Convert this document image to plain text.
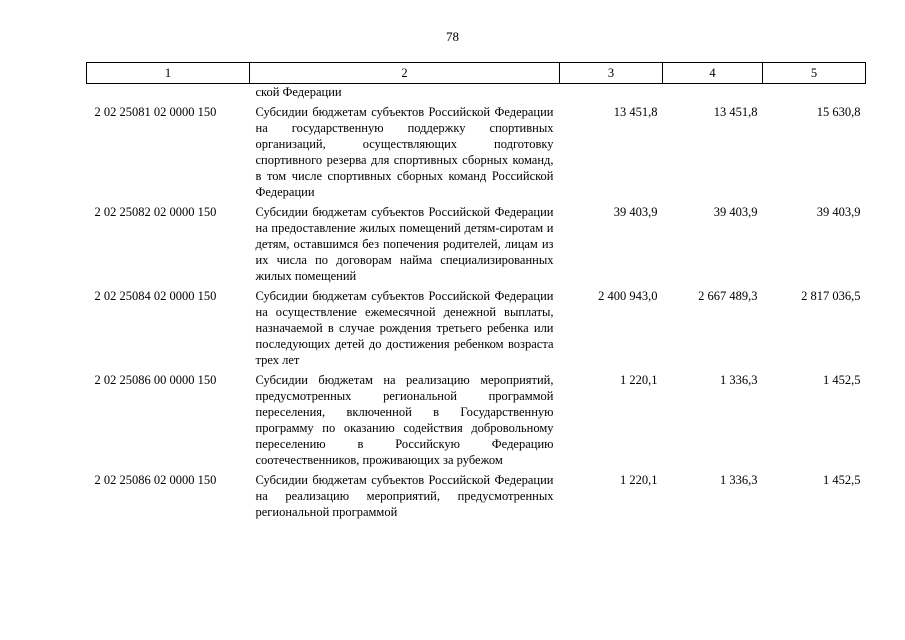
78
1	2	3	4	5
	ской Федерации			
2 02 25081 02 0000 150	Субсидии бюджетам субъектов Российской Федерации на государственную поддержку спортивных организаций, осуществляющих подготовку спортивного резерва для спортивных сборных команд, в том числе спортивных сборных команд Российской Федерации	13 451,8	13 451,8	15 630,8
2 02 25082 02 0000 150	Субсидии бюджетам субъектов Российской Федерации на предоставление жилых помещений детям-сиротам и детям, оставшимся без попечения родителей, лицам из их числа по договорам найма специализированных жилых помещений	39 403,9	39 403,9	39 403,9
2 02 25084 02 0000 150	Субсидии бюджетам субъектов Российской Федерации на осуществление ежемесячной денежной выплаты, назначаемой в случае рождения третьего ребенка или последующих детей до достижения ребенком возраста трех лет	2 400 943,0	2 667 489,3	2 817 036,5
2 02 25086 00 0000 150	Субсидии бюджетам на реализацию мероприятий, предусмотренных региональной программой переселения, включенной в Государственную программу по оказанию содействия добровольному переселению в Российскую Федерацию соотечественников, проживающих за рубежом	1 220,1	1 336,3	1 452,5
2 02 25086 02 0000 150	Субсидии бюджетам субъектов Российской Федерации на реализацию мероприятий, предусмотренных региональной программой	1 220,1	1 336,3	1 452,5
